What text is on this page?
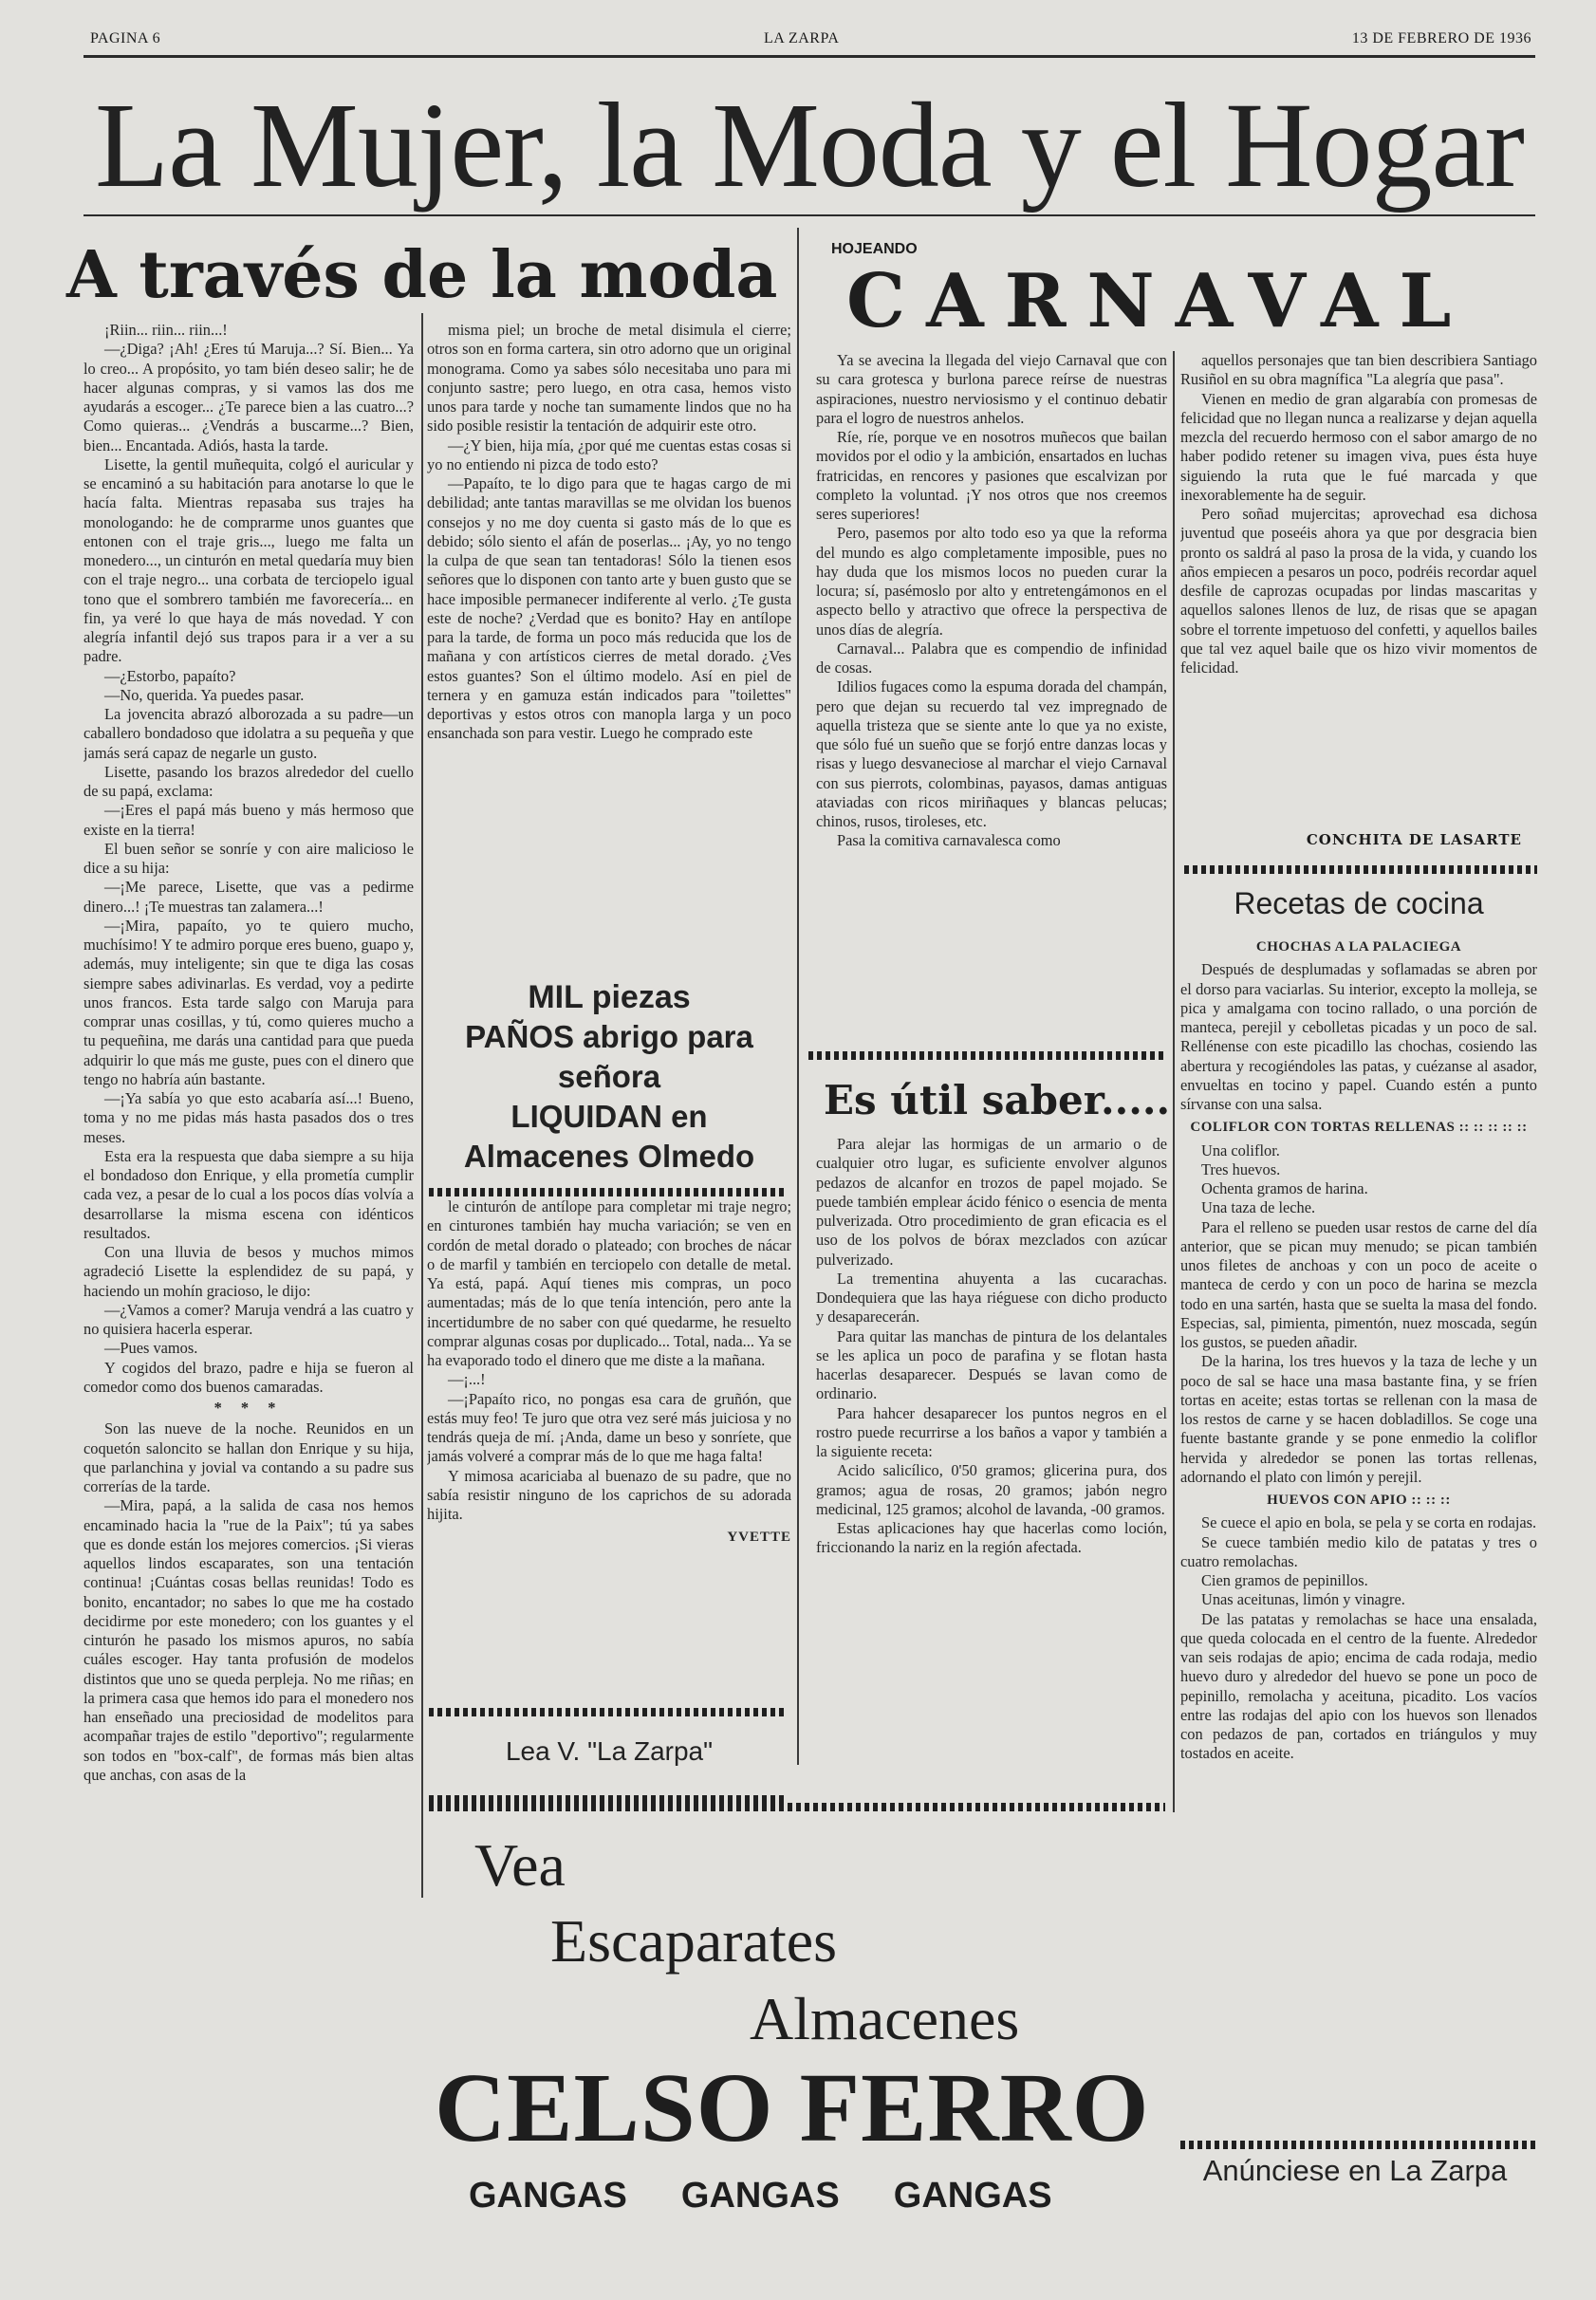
PAGINA 6	LA ZARPA	13 DE FEBRERO DE 1936
La Mujer, la Moda y el Hogar
A través de la moda

¡Riin... riin... riin...!

—¿Diga? ¡Ah! ¿Eres tú Maruja...? Sí. Bien... Ya lo creo... A propósito, yo tam bién deseo salir; he de hacer algunas compras, y si vamos las dos me ayudarás a escoger... ¿Te parece bien a las cuatro...? Como quieras... ¿Vendrás a buscarme...? Bien, bien... Encantada. Adiós, hasta la tarde.

Lisette, la gentil muñequita, colgó el auricular y se encaminó a su habitación para anotarse lo que le hacía falta. Mientras repasaba sus trajes ha monologando: he de comprarme unos guantes que entonen con el traje gris..., luego me falta un monedero..., un cinturón en metal quedaría muy bien con el traje negro... una corbata de terciopelo igual tono que el sombrero también me favorecería... en fin, ya veré lo que haya de más novedad. Y con alegría infantil dejó sus trapos para ir a ver a su padre.

—¿Estorbo, papaíto?

—No, querida. Ya puedes pasar.

La jovencita abrazó alborozada a su padre—un caballero bondadoso que idolatra a su pequeña y que jamás será capaz de negarle un gusto.

Lisette, pasando los brazos alrededor del cuello de su papá, exclama:

—¡Eres el papá más bueno y más hermoso que existe en la tierra!

El buen señor se sonríe y con aire malicioso le dice a su hija:

—¡Me parece, Lisette, que vas a pedirme dinero...! ¡Te muestras tan zalamera...!

—¡Mira, papaíto, yo te quiero mucho, muchísimo! Y te admiro porque eres bueno, guapo y, además, muy inteligente; sin que te diga las cosas siempre sabes adivinarlas. Es verdad, voy a pedirte unos francos. Esta tarde salgo con Maruja para comprar unas cosillas, y tú, como quieres mucho a tu pequeñina, me darás una cantidad para que pueda adquirir lo que más me guste, pues con el dinero que tengo no habría aún bastante.

—¡Ya sabía yo que esto acabaría así...! Bueno, toma y no me pidas más hasta pasados dos o tres meses.

Esta era la respuesta que daba siempre a su hija el bondadoso don Enrique, y ella prometía cumplir cada vez, a pesar de lo cual a los pocos días volvía a desarrollarse la misma escena con idénticos resultados.

Con una lluvia de besos y muchos mimos agradeció Lisette la esplendidez de su papá, y haciendo un mohín gracioso, le dijo:

—¿Vamos a comer? Maruja vendrá a las cuatro y no quisiera hacerla esperar.

—Pues vamos.

Y cogidos del brazo, padre e hija se fueron al comedor como dos buenos camaradas.

* * *

Son las nueve de la noche. Reunidos en un coquetón saloncito se hallan don Enrique y su hija, que parlanchina y jovial va contando a su padre sus correrías de la tarde.

—Mira, papá, a la salida de casa nos hemos encaminado hacia la "rue de la Paix"; tú ya sabes que es donde están los mejores comercios. ¡Si vieras aquellos lindos escaparates, son una tentación continua! ¡Cuántas cosas bellas reunidas! Todo es bonito, encantador; no sabes lo que me ha costado decidirme por este monedero; con los guantes y el cinturón he pasado los mismos apuros, no sabía cuáles escoger. Hay tanta profusión de modelos distintos que uno se queda perpleja. No me riñas; en la primera casa que hemos ido para el monedero nos han enseñado una preciosidad de modelitos para acompañar trajes de estilo "deportivo"; regularmente son todos en "box-calf", de formas más bien altas que anchas, con asas de la

misma piel; un broche de metal disimula el cierre; otros son en forma cartera, sin otro adorno que un original monograma. Como ya sabes sólo necesitaba uno para mi conjunto sastre; pero luego, en otra casa, hemos visto unos para tarde y noche tan sumamente lindos que no ha sido posible resistir la tentación de adquirir este otro.

—¿Y bien, hija mía, ¿por qué me cuentas estas cosas si yo no entiendo ni pizca de todo esto?

—Papaíto, te lo digo para que te hagas cargo de mi debilidad; ante tantas maravillas se me olvidan los buenos consejos y no me doy cuenta si gasto más de lo que es debido; sólo siento el afán de poserlas... ¡Ay, yo no tengo la culpa de que sean tan tentadoras! Sólo la tienen esos señores que lo disponen con tanto arte y buen gusto que se hace imposible permanecer indiferente al verlo. ¿Te gusta este de noche? ¿Verdad que es bonito? Hay en antílope para la tarde, de forma un poco más reducida que los de mañana y con artísticos cierres de metal dorado. ¿Ves estos guantes? Son el último modelo. Así en piel de ternera y en gamuza están indicados para "toilettes" deportivas y estos otros con manopla larga y un poco ensanchada son para vestir. Luego he comprado este

MIL piezas
PAÑOS abrigo para
señora
LIQUIDAN en
Almacenes Olmedo

le cinturón de antílope para completar mi traje negro; en cinturones también hay mucha variación; se ven en cordón de metal dorado o plateado; con broches de nácar o de marfil y también en terciopelo con detalle de metal. Ya está, papá. Aquí tienes mis compras, un poco aumentadas; más de lo que tenía intención, pero ante la incertidumbre de no saber con qué quedarme, he resuelto comprar algunas cosas por duplicado... Total, nada... Ya se ha evaporado todo el dinero que me diste a la mañana.

—¡...!

—¡Papaíto rico, no pongas esa cara de gruñón, que estás muy feo! Te juro que otra vez seré más juiciosa y no tendrás queja de mí. ¡Anda, dame un beso y sonríete, que jamás volveré a comprar más de lo que me haga falta!

Y mimosa acariciaba al buenazo de su padre, que no sabía resistir ninguno de los caprichos de su adorada hijita.

YVETTE
Lea V. "La Zarpa"
HOJEANDO
CARNAVAL

Ya se avecina la llegada del viejo Carnaval que con su cara grotesca y burlona parece reírse de nuestras aspiraciones, nuestro nerviosismo y el continuo debatir para el logro de nuestros anhelos.

Ríe, ríe, porque ve en nosotros muñecos que bailan movidos por el odio y la ambición, ensartados en luchas fratricidas, en rencores y pasiones que escalvizan por completo la voluntad. ¡Y nos otros que nos creemos seres superiores!

Pero, pasemos por alto todo eso ya que la reforma del mundo es algo completamente imposible, pues no hay duda que los mismos locos no pueden curar la locura; sí, pasémoslo por alto y entretengámonos en el aspecto bello y atractivo que ofrece la perspectiva de unos días de alegría.

Carnaval... Palabra que es compendio de infinidad de cosas.

Idilios fugaces como la espuma dorada del champán, pero que dejan su recuerdo tal vez impregnado de aquella tristeza que se siente ante lo que ya no existe, que sólo fué un sueño que se forjó entre danzas locas y risas y luego desvaneciose al marchar el viejo Carnaval con sus pierrots, colombinas, payasos, damas antiguas ataviadas con ricos miriñaques y blancas pelucas; chinos, rusos, tiroleses, etc.

Pasa la comitiva carnavalesca como

aquellos personajes que tan bien describiera Santiago Rusiñol en su obra magnífica "La alegría que pasa".

Vienen en medio de gran algarabía con promesas de felicidad que no llegan nunca a realizarse y dejan aquella mezcla del recuerdo hermoso con el sabor amargo de no haber podido retener su imagen viva, pues ésta huye siguiendo la ruta que le fué marcada y que inexorablemente ha de seguir.

Pero soñad mujercitas; aprovechad esa dichosa juventud que poseéis ahora ya que por desgracia bien pronto os saldrá al paso la prosa de la vida, y cuando los años empiecen a pesaros un poco, podréis recordar aquel desfile de caprozas ocupadas por lindas mascaritas y aquellos salones llenos de luz, de risas que se apagan sobre el torrente impetuoso del confetti, y aquellos bailes que tal vez aquel baile que os hizo vivir momentos de felicidad.

CONCHITA DE LASARTE
Es útil saber.....

Para alejar las hormigas de un armario o de cualquier otro lugar, es suficiente envolver algunos pedazos de alcanfor en trozos de papel mojado. Se puede también emplear ácido fénico o esencia de menta pulverizada. Otro procedimiento de gran eficacia es el uso de los polvos de bórax mezclados con azúcar pulverizado.

La trementina ahuyenta a las cucarachas. Dondequiera que las haya riéguese con dicho producto y desaparecerán.

Para quitar las manchas de pintura de los delantales se les aplica un poco de parafina y se flotan hasta hacerlas desaparecer. Después se lavan como de ordinario.

Para hahcer desaparecer los puntos negros en el rostro puede recurrirse a los baños a vapor y también a la siguiente receta:

Acido salicílico, 0'50 gramos; glicerina pura, dos gramos; agua de rosas, 20 gramos; jabón negro medicinal, 125 gramos; alcohol de lavanda, -00 gramos.

Estas aplicaciones hay que hacerlas como loción, friccionando la nariz en la región afectada.

Recetas de cocina
CHOCHAS A LA PALACIEGA

Después de desplumadas y soflamadas se abren por el dorso para vaciarlas. Su interior, excepto la molleja, se pica y amalgama con tocino rallado, o una porción de manteca, perejil y cebolletas picadas y un poco de sal. Rellénense con este picadillo las chochas, cosiendo las abertura y recogiéndoles las patas, y cuézanse al asador, envueltas en tocino y papel. Cuando estén a punto sírvanse con una salsa.

COLIFLOR CON TORTAS RELLENAS :: :: :: :: ::

Una coliflor.

Tres huevos.

Ochenta gramos de harina.

Una taza de leche.

Para el relleno se pueden usar restos de carne del día anterior, que se pican muy menudo; se pican también unos filetes de anchoas y con un poco de aceite o manteca de cerdo y con un poco de harina se mezcla todo en una sartén, hasta que se suelta la masa del fondo. Especias, sal, pimienta, pimentón, nuez moscada, según los gustos, se pueden añadir.

De la harina, los tres huevos y la taza de leche y un poco de sal se hace una masa bastante fina, y se fríen tortas en aceite; estas tortas se rellenan con la masa de los restos de carne y se hacen dobladillos. Se coge una fuente bastante grande y se pone enmedio la coliflor hervida y alrededor se ponen las tortas rellenas, adornando el plato con limón y perejil.

HUEVOS CON APIO :: :: ::

Se cuece el apio en bola, se pela y se corta en rodajas.

Se cuece también medio kilo de patatas y tres o cuatro remolachas.

Cien gramos de pepinillos.

Unas aceitunas, limón y vinagre.

De las patatas y remolachas se hace una ensalada, que queda colocada en el centro de la fuente. Alrededor van seis rodajas de apio; encima de cada rodaja, medio huevo duro y alrededor del huevo se pone un poco de pepinillo, remolacha y aceituna, picadito. Los vacíos entre las rodajas del apio con los huevos son llenados con pedazos de pan, cortados en triángulos y muy tostados en aceite.

Anúnciese en La Zarpa
Vea
Escaparates
Almacenes
CELSO FERRO
GANGAS  GANGAS  GANGAS
